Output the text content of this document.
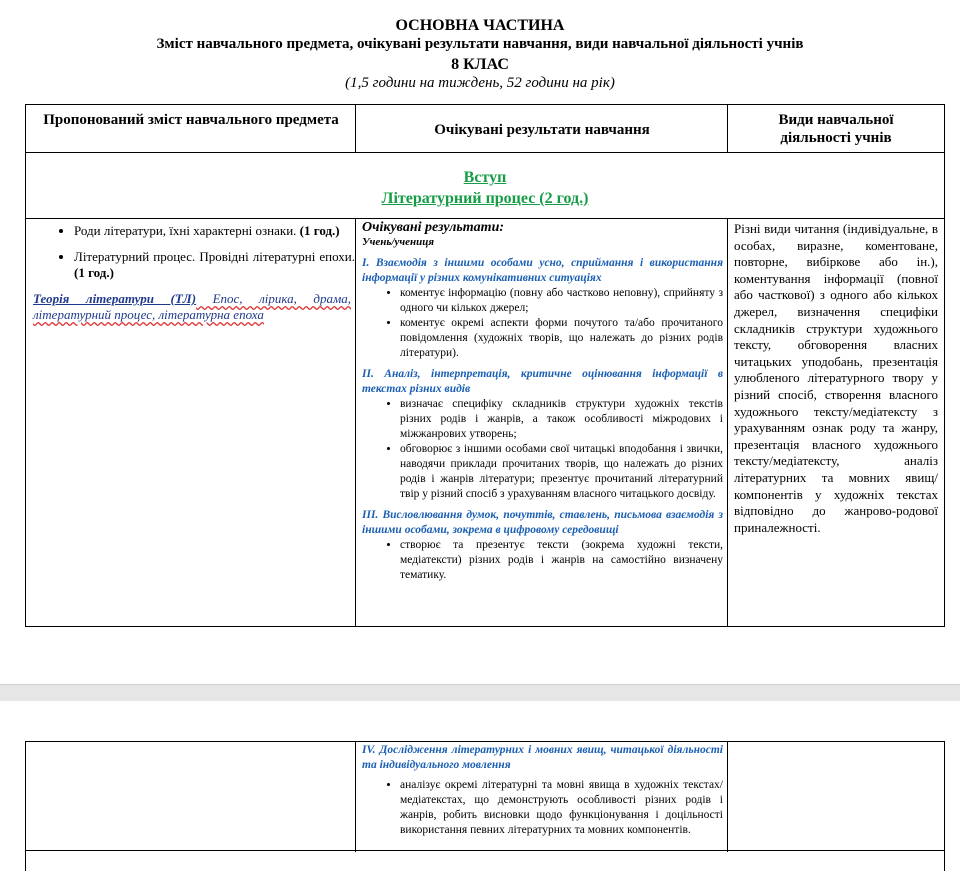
ОСНОВНА ЧАСТИНА
Зміст навчального предмета, очікувані результати навчання, види навчальної діяльності учнів
8 КЛАС
(1,5 години на тиждень, 52 години на рік)
Пропонований зміст навчального предмета
Очікувані результати навчання
Види навчальної діяльності учнів
Вступ
Літературний процес (2 год.)
• Роди літератури, їхні характерні ознаки. (1 год.)
• Літературний процес. Провідні літературні епохи. (1 год.)
Теорія літератури (ТЛ) Епос, лірика, драма, літературний процес, літературна епоха
Очікувані результати:
Учень/учениця
I. Взаємодія з іншими особами усно, сприймання і використання інформації у різних комунікативних ситуаціях
• коментує інформацію (повну або частково неповну), сприйняту з одного чи кількох джерел;
• коментує окремі аспекти форми почутого та/або прочитаного повідомлення (художніх творів, що належать до різних родів літератури).
II. Аналіз, інтерпретація, критичне оцінювання інформації в текстах різних видів
• визначає специфіку складників структури художніх текстів різних родів і жанрів, а також особливості міжродових і міжжанрових утворень;
• обговорює з іншими особами свої читацькі вподобання і звички, наводячи приклади прочитаних творів, що належать до різних родів і жанрів літератури; презентує прочитаний літературний твір у різний спосіб з урахуванням власного читацького досвіду.
III. Висловлювання думок, почуттів, ставлень, письмова взаємодія з іншими особами, зокрема в цифровому середовищі
• створює та презентує тексти (зокрема художні тексти, медіатексти) різних родів і жанрів на самостійно визначену тематику.
Різні види читання (індивідуальне, в особах, виразне, коментоване, повторне, вибіркове або ін.), коментування інформації (повної або часткової) з одного або кількох джерел, визначення специфіки складників структури художнього тексту, обговорення власних читацьких уподобань, презентація улюбленого літературного твору у різний спосіб, створення власного художнього тексту/медіатексту з урахуванням ознак роду та жанру, презентація власного художнього тексту/медіатексту, аналіз літературних та мовних явищ/компонентів у художніх текстах відповідно до жанрово-родової приналежності.
IV. Дослідження літературних і мовних явищ, читацької діяльності та індивідуального мовлення
• аналізує окремі літературні та мовні явища в художніх текстах/медіатекстах, що демонструють особливості різних родів і жанрів, робить висновки щодо функціонування і доцільності використання певних літературних та мовних компонентів.
